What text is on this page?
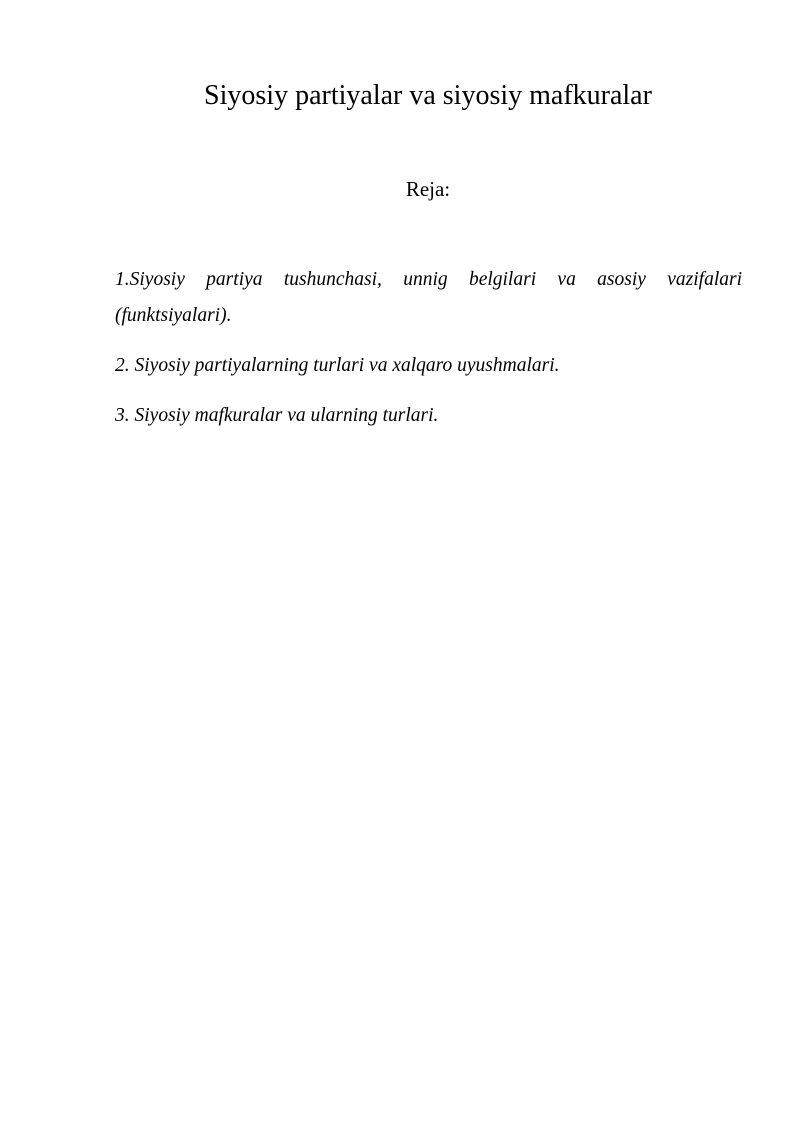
Siyosiy partiyalar va siyosiy mafkuralar
Reja:
1.Siyosiy partiya tushunchasi, unnig belgilari va asosiy vazifalari (funktsiyalari).
2. Siyosiy partiyalarning turlari va xalqaro uyushmalari.
3. Siyosiy mafkuralar va ularning turlari.
